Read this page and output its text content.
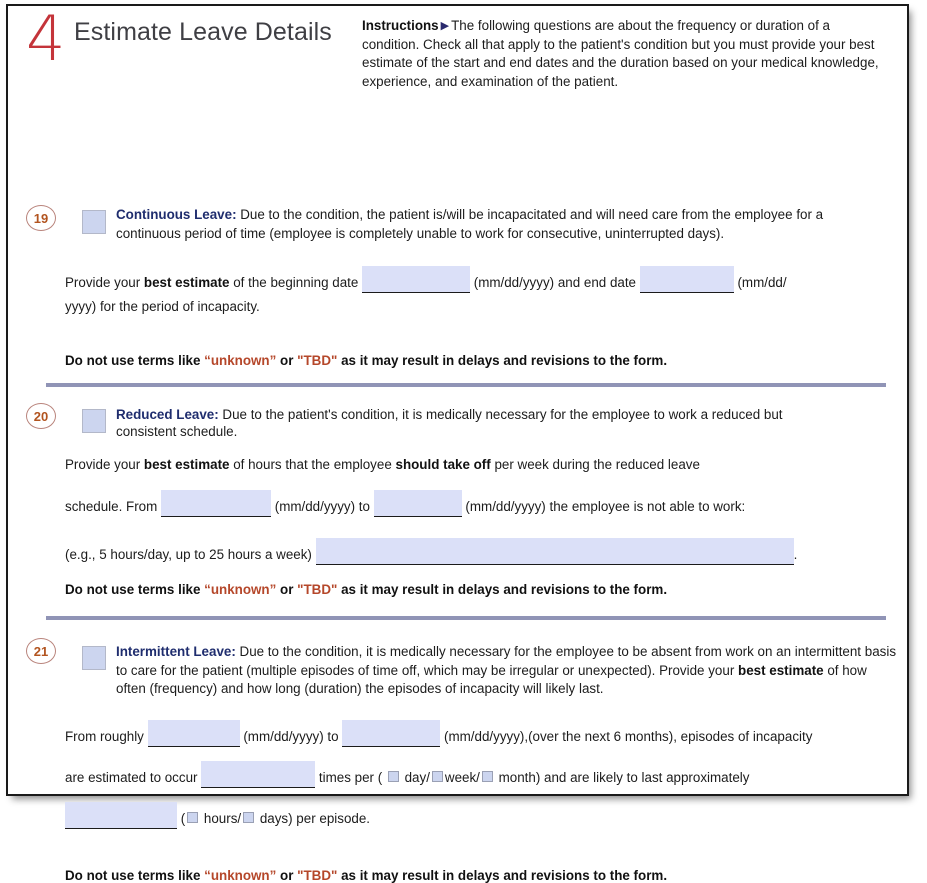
4 Estimate Leave Details Instructions ▶ The following questions are about the frequency or duration of a condition. Check all that apply to the patient's condition but you must provide your best estimate of the start and end dates and the duration based on your medical knowledge, experience, and examination of the patient.
19	Continuous Leave: Due to the condition, the patient is/will be incapacitated and will need care from the employee for a continuous period of time (employee is completely unable to work for consecutive, uninterrupted days).
Provide your best estimate of the beginning date	(mm/dd/yyyy) and end date	(mm/dd/
yyyy) for the period of incapacity.
Do not use terms like “unknown” or "TBD" as it may result in delays and revisions to the form.
20	Reduced Leave: Due to the patient's condition, it is medically necessary for the employee to work a reduced but consistent schedule.
Provide your best estimate of hours that the employee should take off per week during the reduced leave
schedule. From	(mm/dd/yyyy) to	(mm/dd/yyyy) the employee is not able to work:
(e.g., 5 hours/day, up to 25 hours a week)	.
Do not use terms like “unknown” or "TBD" as it may result in delays and revisions to the form.
21	Intermittent Leave: Due to the condition, it is medically necessary for the employee to be absent from work on an intermittent basis to care for the patient (multiple episodes of time off, which may be irregular or unexpected). Provide your best estimate of how often (frequency) and how long (duration) the episodes of incapacity will likely last.
From roughly	(mm/dd/yyyy) to	(mm/dd/yyyy),(over the next 6 months), episodes of incapacity
are estimated to occur	times per (  day/ week/ month) and are likely to last approximately
( hours/ days) per episode.
Do not use terms like “unknown” or "TBD" as it may result in delays and revisions to the form.
